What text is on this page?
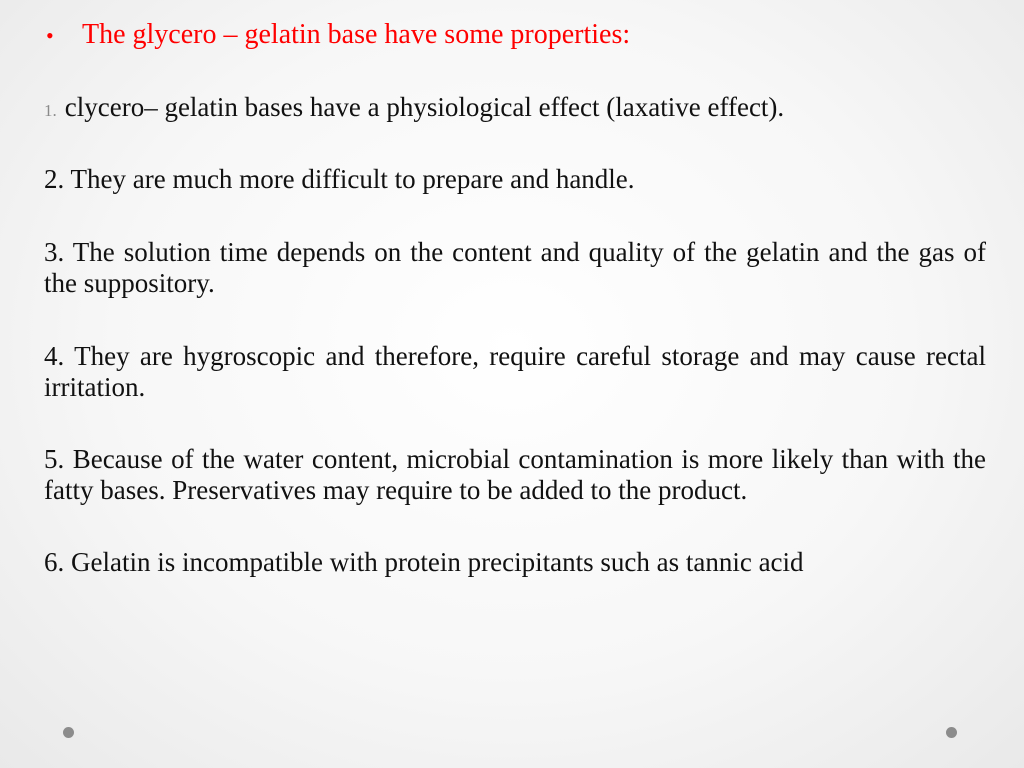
• The glycero – gelatin base have some properties:
1. clycero– gelatin bases have a physiological effect (laxative effect).
2. They are much more difficult to prepare and handle.
3. The solution time depends on the content and quality of the gelatin and the gas of the suppository.
4. They are hygroscopic and therefore, require careful storage and may cause rectal irritation.
5. Because of the water content, microbial contamination is more likely than with the fatty bases. Preservatives may require to be added to the product.
6. Gelatin is incompatible with protein precipitants such as tannic acid
